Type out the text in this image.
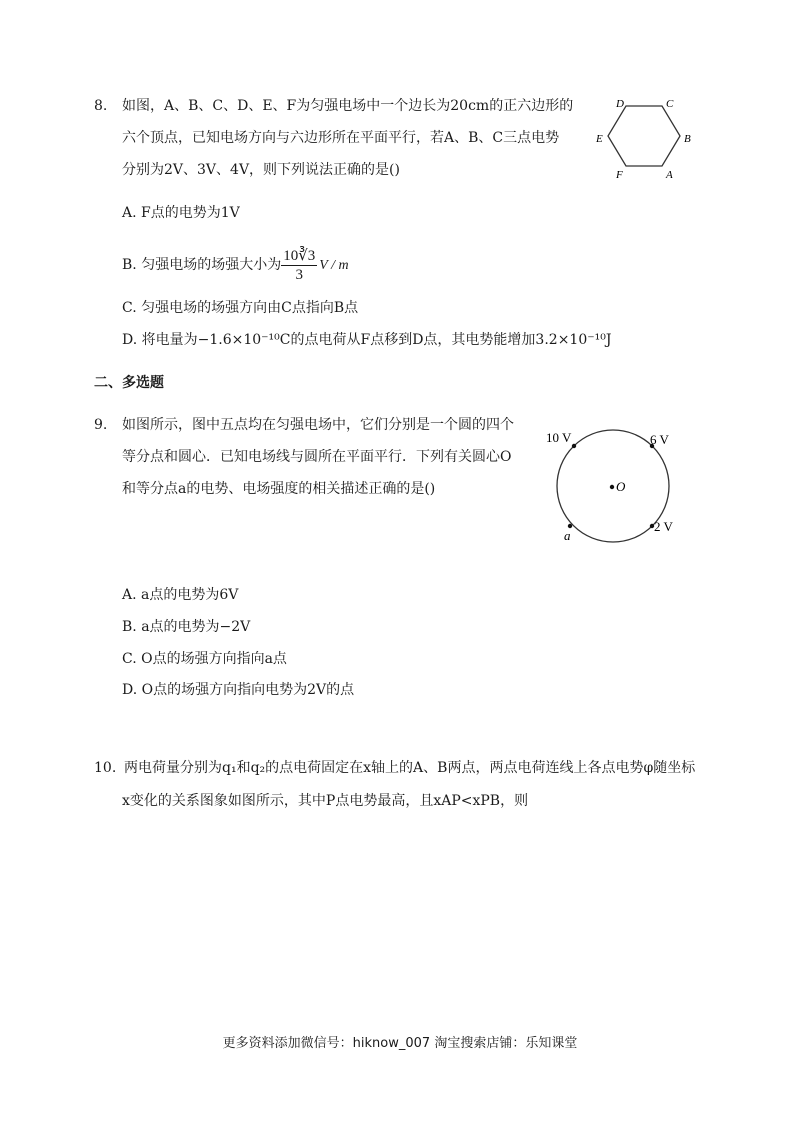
8. 如图，A、B、C、D、E、F为匀强电场中一个边长为20cm的正六边形的
六个顶点，已知电场方向与六边形所在平面平行，若A、B、C三点电势
分别为2V、3V、4V，则下列说法正确的是()
D	C
E	B
F	A
A. F点的电势为1V
B. 匀强电场的场强大小为 $\frac{10∛3}{3}$ V / m
C. 匀强电场的场强方向由C点指向B点
D. 将电量为−1.6×10⁻¹⁰C的点电荷从F点移到D点，其电势能增加3.2×10⁻¹⁰J
二、多选题
9. 如图所示，图中五点均在匀强电场中，它们分别是一个圆的四个
等分点和圆心．已知电场线与圆所在平面平行．下列有关圆心O
和等分点a的电势、电场强度的相关描述正确的是()
10 V	6 V
2 V
a
O
A. a点的电势为6V
B. a点的电势为−2V
C. O点的场强方向指向a点
D. O点的场强方向指向电势为2V的点
10. 两电荷量分别为q₁和q₂的点电荷固定在x轴上的A、B两点，两点电荷连线上各点电势φ随坐标
x变化的关系图象如图所示，其中P点电势最高，且xAP<xPB，则
更多资料添加微信号：hiknow_007 淘宝搜索店铺：乐知课堂
